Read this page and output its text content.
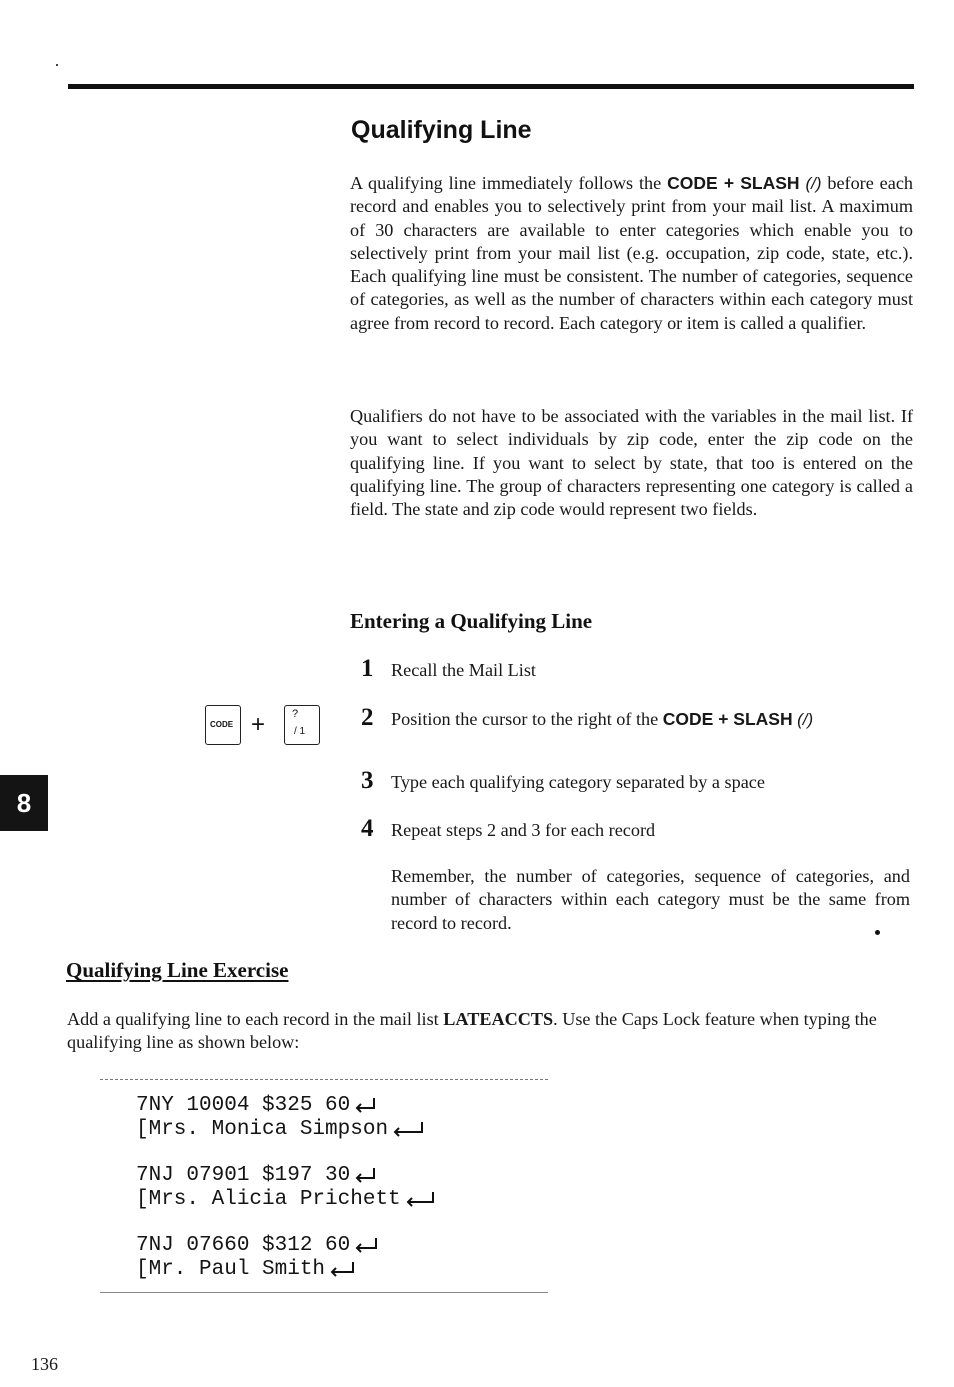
Qualifying Line

A qualifying line immediately follows the CODE + SLASH (/) before each record and enables you to selectively print from your mail list. A maximum of 30 characters are available to enter categories which enable you to selectively print from your mail list (e.g. occupation, zip code, state, etc.). Each qualifying line must be consistent. The number of categories, sequence of categories, as well as the number of characters within each category must agree from record to record. Each category or item is called a qualifier.

Qualifiers do not have to be associated with the variables in the mail list. If you want to select individuals by zip code, enter the zip code on the qualifying line. If you want to select by state, that too is entered on the qualifying line. The group of characters representing one category is called a field. The state and zip code would represent two fields.

Entering a Qualifying Line
CODE + ?
/ 1
1 Recall the Mail List
2 Position the cursor to the right of the CODE + SLASH (/)
3 Type each qualifying category separated by a space
4 Repeat steps 2 and 3 for each record

Remember, the number of categories, sequence of categories, and number of characters within each category must be the same from record to record.

8
Qualifying Line Exercise

Add a qualifying line to each record in the mail list LATEACCTS. Use the Caps Lock feature when typing the qualifying line as shown below:

7NY 10004 $325 60
[Mrs. Monica Simpson
7NJ 07901 $197 30
[Mrs. Alicia Prichett
7NJ 07660 $312 60
[Mr. Paul Smith

136
